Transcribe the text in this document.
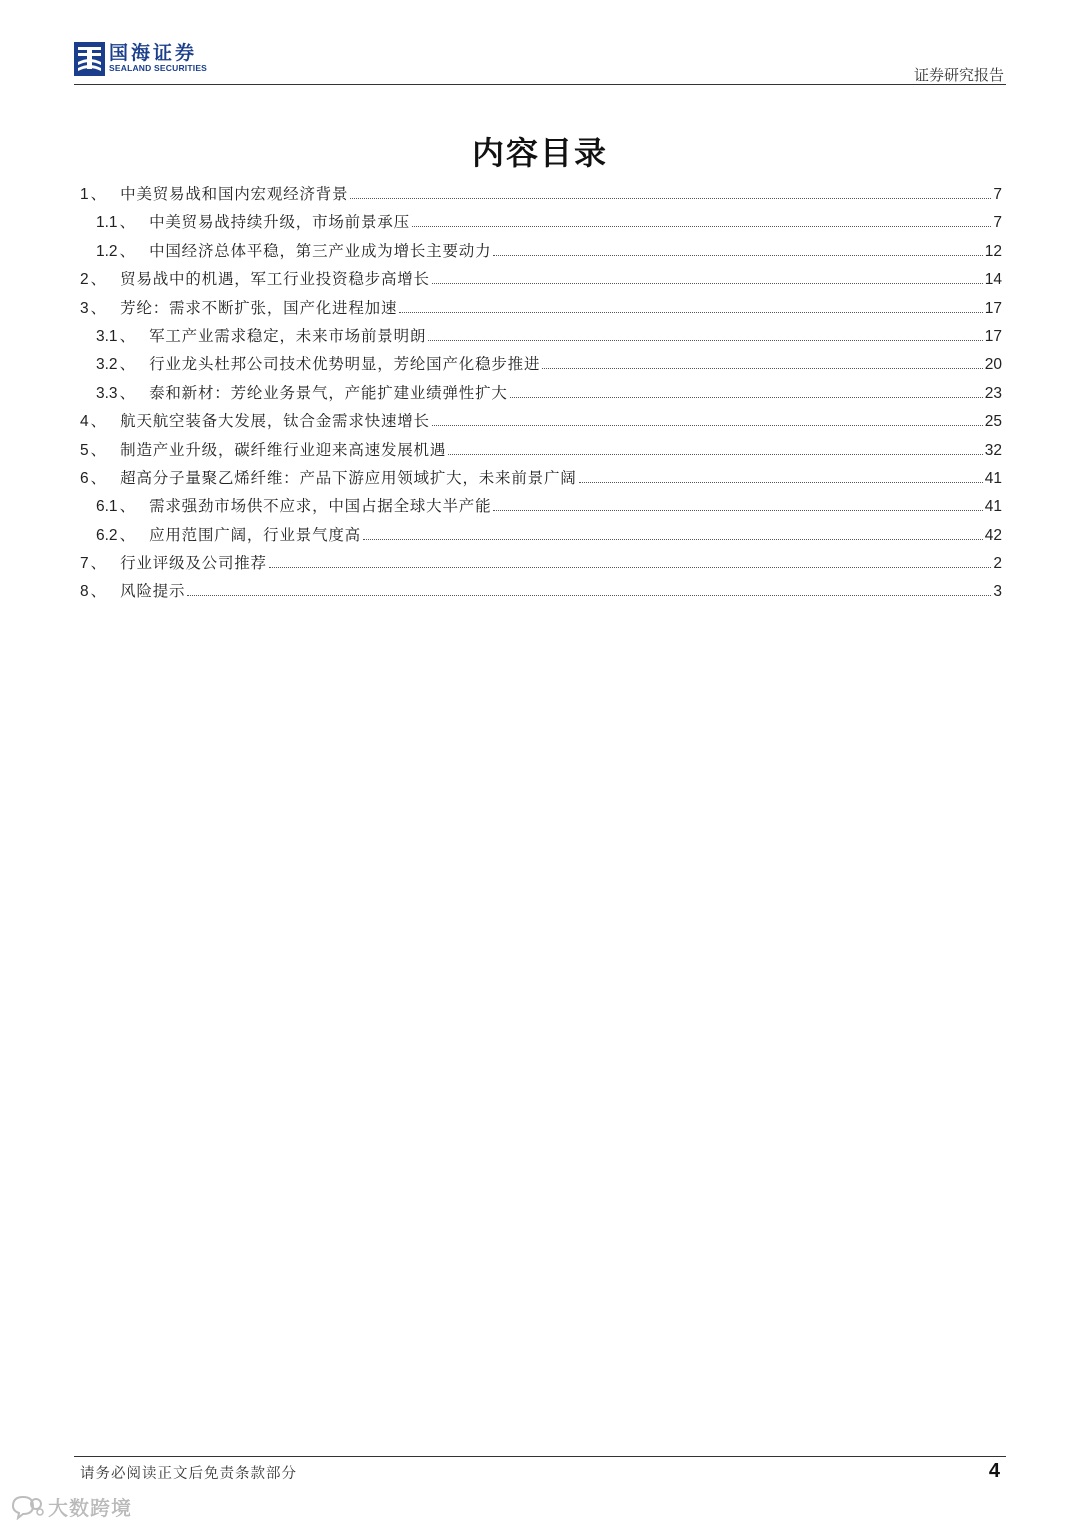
国海证券
SEALAND SECURITIES	证券研究报告
内容目录
1 、 中美贸易战和国内宏观经济背景	7
1.1 、 中美贸易战持续升级，市场前景承压	7
1.2 、 中国经济总体平稳，第三产业成为增长主要动力	12
2 、 贸易战中的机遇，军工行业投资稳步高增长	14
3 、 芳纶：需求不断扩张，国产化进程加速	17
3.1 、 军工产业需求稳定，未来市场前景明朗	17
3.2 、 行业龙头杜邦公司技术优势明显，芳纶国产化稳步推进	20
3.3 、 泰和新材：芳纶业务景气，产能扩建业绩弹性扩大	23
4 、 航天航空装备大发展，钛合金需求快速增长	25
5 、 制造产业升级，碳纤维行业迎来高速发展机遇	32
6 、 超高分子量聚乙烯纤维：产品下游应用领域扩大，未来前景广阔	41
6.1 、 需求强劲市场供不应求，中国占据全球大半产能	41
6.2 、 应用范围广阔，行业景气度高	42
7 、 行业评级及公司推荐	2
8 、 风险提示	3
请务必阅读正文后免责条款部分	4
大数跨境
